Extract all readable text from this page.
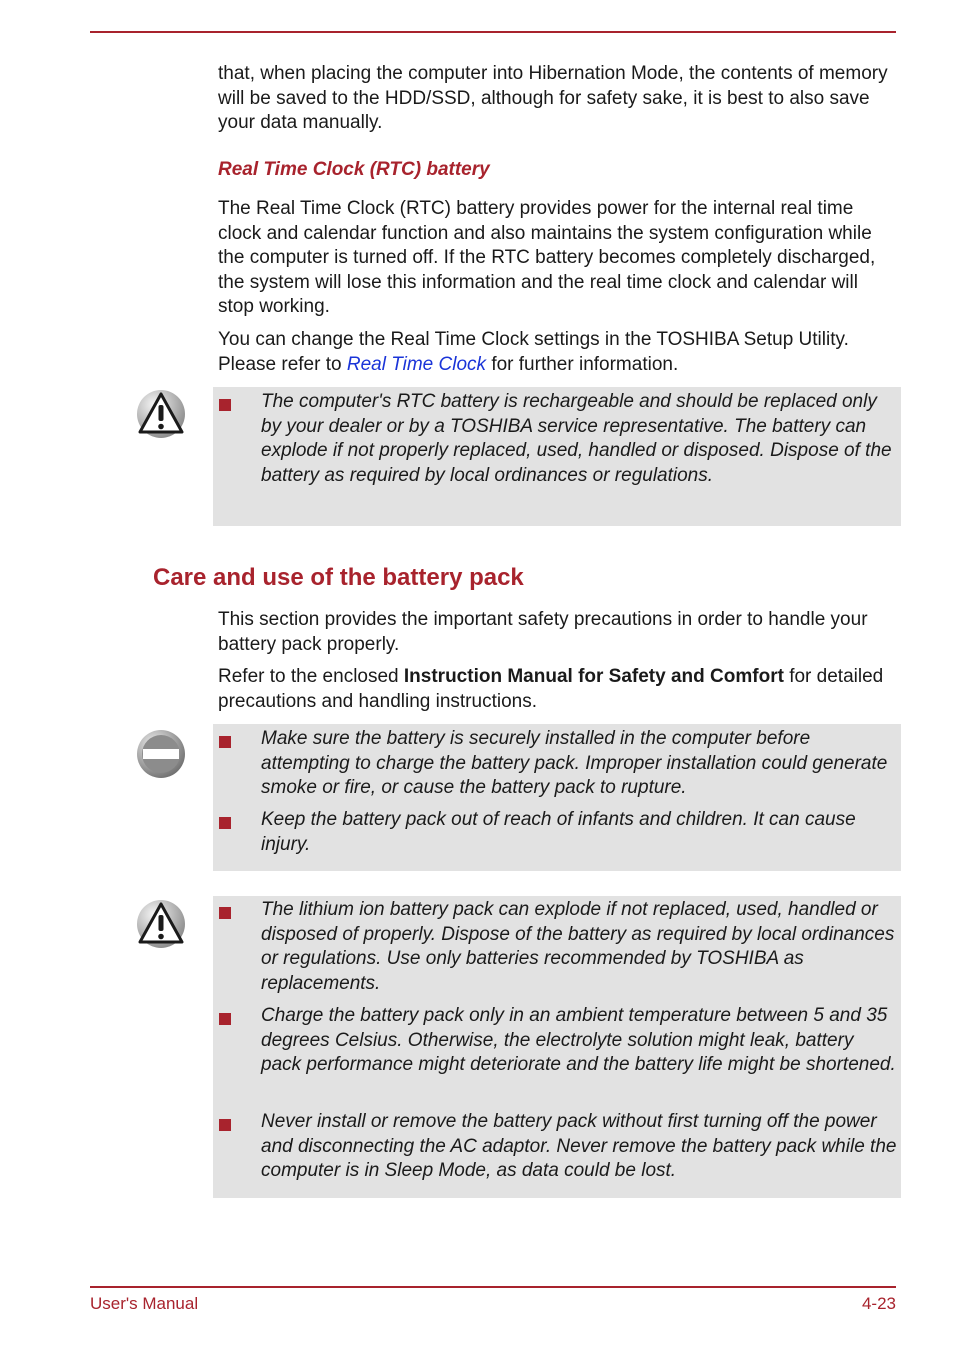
that, when placing the computer into Hibernation Mode, the contents of memory will be saved to the HDD/SSD, although for safety sake, it is best to also save your data manually.

Real Time Clock (RTC) battery

The Real Time Clock (RTC) battery provides power for the internal real time clock and calendar function and also maintains the system configuration while the computer is turned off. If the RTC battery becomes completely discharged, the system will lose this information and the real time clock and calendar will stop working.

You can change the Real Time Clock settings in the TOSHIBA Setup Utility. Please refer to Real Time Clock for further information.

The computer's RTC battery is rechargeable and should be replaced only by your dealer or by a TOSHIBA service representative. The battery can explode if not properly replaced, used, handled or disposed. Dispose of the battery as required by local ordinances or regulations.

Care and use of the battery pack

This section provides the important safety precautions in order to handle your battery pack properly.

Refer to the enclosed Instruction Manual for Safety and Comfort for detailed precautions and handling instructions.

Make sure the battery is securely installed in the computer before attempting to charge the battery pack. Improper installation could generate smoke or fire, or cause the battery pack to rupture.

Keep the battery pack out of reach of infants and children. It can cause injury.

The lithium ion battery pack can explode if not replaced, used, handled or disposed of properly. Dispose of the battery as required by local ordinances or regulations. Use only batteries recommended by TOSHIBA as replacements.

Charge the battery pack only in an ambient temperature between 5 and 35 degrees Celsius. Otherwise, the electrolyte solution might leak, battery pack performance might deteriorate and the battery life might be shortened.

Never install or remove the battery pack without first turning off the power and disconnecting the AC adaptor. Never remove the battery pack while the computer is in Sleep Mode, as data could be lost.

User's Manual	4-23
